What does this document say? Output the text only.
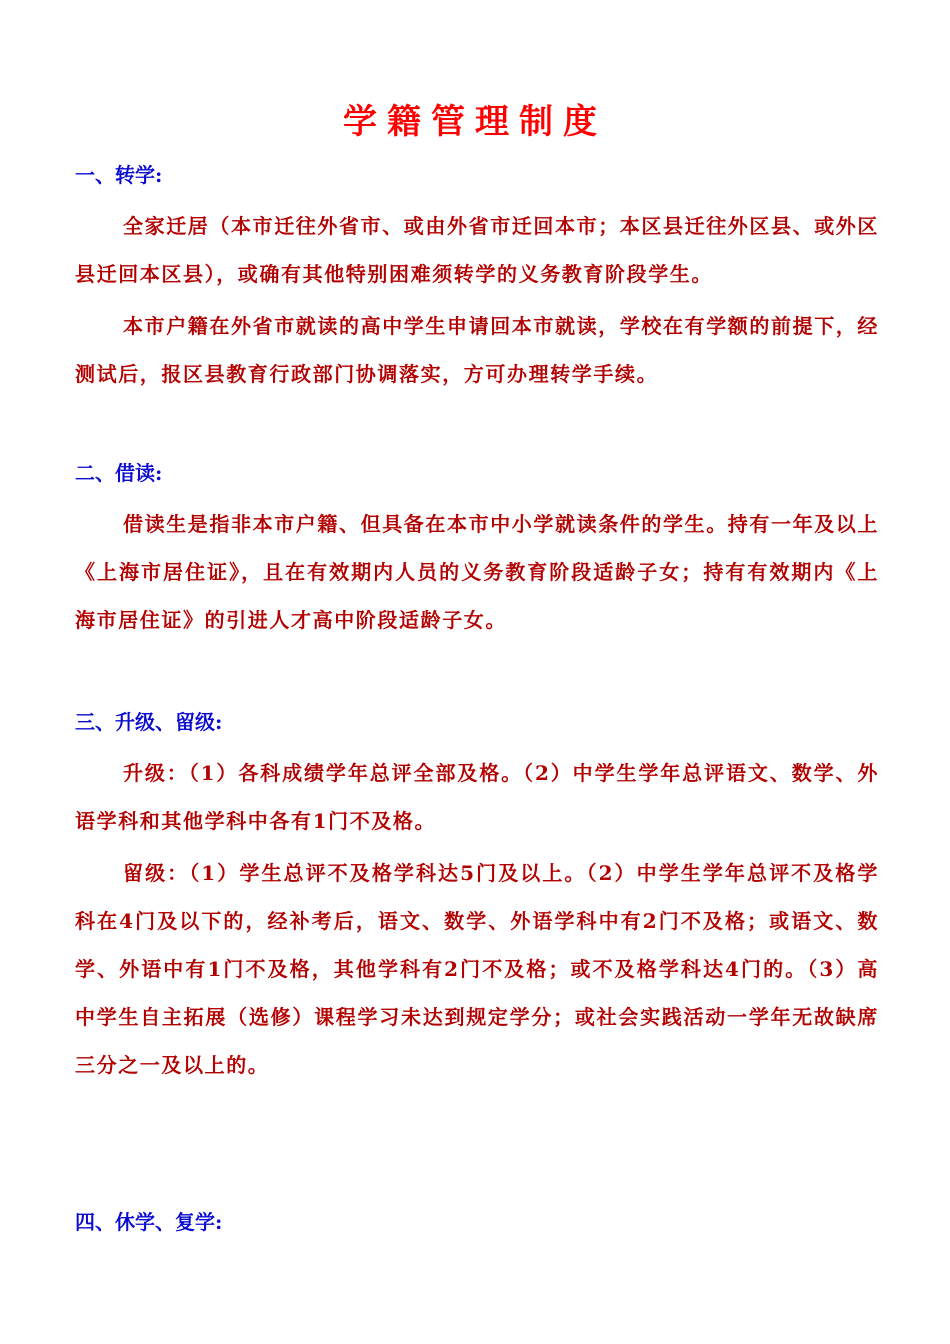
学籍管理制度
一、转学:

全家迁居（本市迁往外省市、或由外省市迁回本市；本区县迁往外区县、或外区县迁回本区县），或确有其他特别困难须转学的义务教育阶段学生。

本市户籍在外省市就读的高中学生申请回本市就读，学校在有学额的前提下，经测试后，报区县教育行政部门协调落实，方可办理转学手续。

二、借读:

借读生是指非本市户籍、但具备在本市中小学就读条件的学生。持有一年及以上《上海市居住证》，且在有效期内人员的义务教育阶段适龄子女；持有有效期内《上海市居住证》的引进人才高中阶段适龄子女。

三、升级、留级:

升级：（1）各科成绩学年总评全部及格。（2）中学生学年总评语文、数学、外语学科和其他学科中各有1门不及格。

留级：（1）学生总评不及格学科达5门及以上。（2）中学生学年总评不及格学科在4门及以下的，经补考后，语文、数学、外语学科中有2门不及格；或语文、数学、外语中有1门不及格，其他学科有2门不及格；或不及格学科达4门的。（3）高中学生自主拓展（选修）课程学习未达到规定学分；或社会实践活动一学年无故缺席三分之一及以上的。

四、休学、复学:
